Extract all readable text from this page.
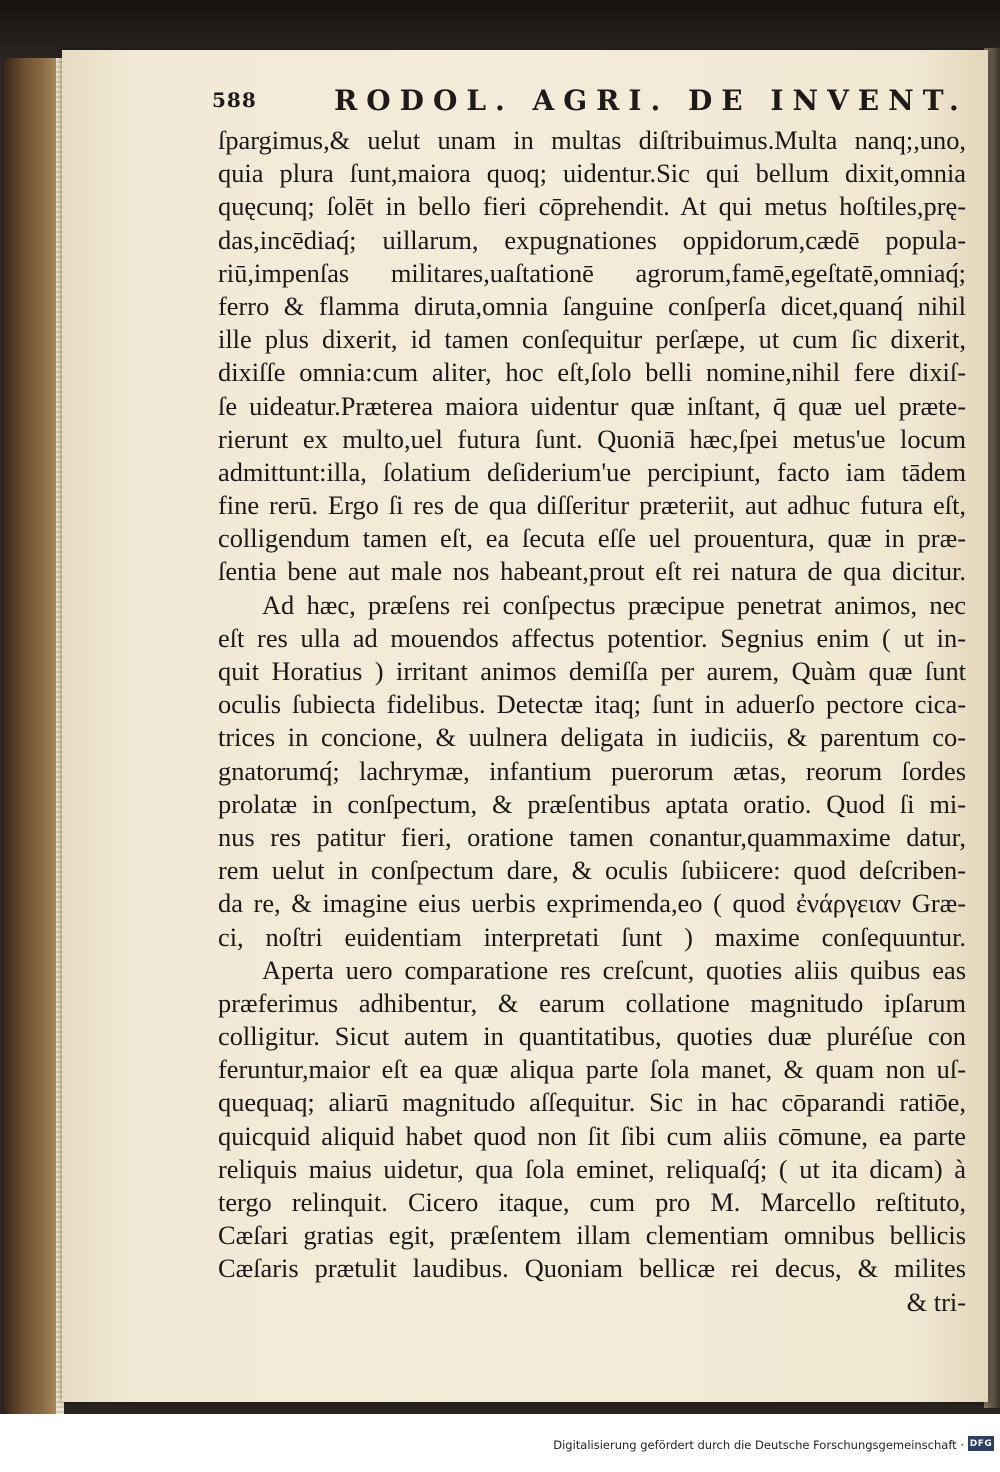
588	RODOL. AGRI. DE INVENT.
ſpargimus,& uelut unam in multas diſtribuimus.Multa nanq;,uno,
quia plura ſunt,maiora quoq; uidentur.Sic qui bellum dixit,omnia
quęcunq; ſolēt in bello fieri cōprehendit. At qui metus hoſtiles,prę-
das,incēdiaq́; uillarum, expugnationes oppidorum,cædē popula-
riū,impenſas militares,uaſtationē agrorum,famē,egeſtatē,omniaq́;
ferro & flamma diruta,omnia ſanguine conſperſa dicet,quanq́ nihil
ille plus dixerit, id tamen conſequitur perſæpe, ut cum ſic dixerit,
dixiſſe omnia:cum aliter, hoc eſt,ſolo belli nomine,nihil fere dixiſ-
ſe uideatur.Præterea maiora uidentur quæ inſtant, q̄ quæ uel præte-
rierunt ex multo,uel futura ſunt. Quoniā hæc,ſpei metus'ue locum
admittunt:illa, ſolatium deſiderium'ue percipiunt, facto iam tādem
fine rerū. Ergo ſi res de qua diſſeritur præteriit, aut adhuc futura eſt,
colligendum tamen eſt, ea ſecuta eſſe uel prouentura, quæ in præ-
ſentia bene aut male nos habeant,prout eſt rei natura de qua dicitur.
Ad hæc, præſens rei conſpectus præcipue penetrat animos, nec
eſt res ulla ad mouendos affectus potentior. Segnius enim ( ut in-
quit Horatius ) irritant animos demiſſa per aurem, Quàm quæ ſunt
oculis ſubiecta fidelibus. Detectæ itaq; ſunt in aduerſo pectore cica-
trices in concione, & uulnera deligata in iudiciis, & parentum co-
gnatorumq́; lachrymæ, infantium puerorum ætas, reorum ſordes
prolatæ in conſpectum, & præſentibus aptata oratio. Quod ſi mi-
nus res patitur fieri, oratione tamen conantur,quammaxime datur,
rem uelut in conſpectum dare, & oculis ſubiicere: quod deſcriben-
da re, & imagine eius uerbis exprimenda,eo ( quod ἐνάργειαν Græ-
ci, noſtri euidentiam interpretati ſunt ) maxime conſequuntur.
Aperta uero comparatione res creſcunt, quoties aliis quibus eas
præferimus adhibentur, & earum collatione magnitudo ipſarum
colligitur. Sicut autem in quantitatibus, quoties duæ pluréſue con
feruntur,maior eſt ea quæ aliqua parte ſola manet, & quam non uſ-
quequaq; aliarū magnitudo aſſequitur. Sic in hac cōparandi ratiōe,
quicquid aliquid habet quod non ſit ſibi cum aliis cōmune, ea parte
reliquis maius uidetur, qua ſola eminet, reliquaſq́; ( ut ita dicam) à
tergo relinquit. Cicero itaque, cum pro M. Marcello reſtituto,
Cæſari gratias egit, præſentem illam clementiam omnibus bellicis
Cæſaris prætulit laudibus. Quoniam bellicæ rei decus, & milites
& tri-
Digitalisierung gefördert durch die Deutsche Forschungsgemeinschaft · DFG
